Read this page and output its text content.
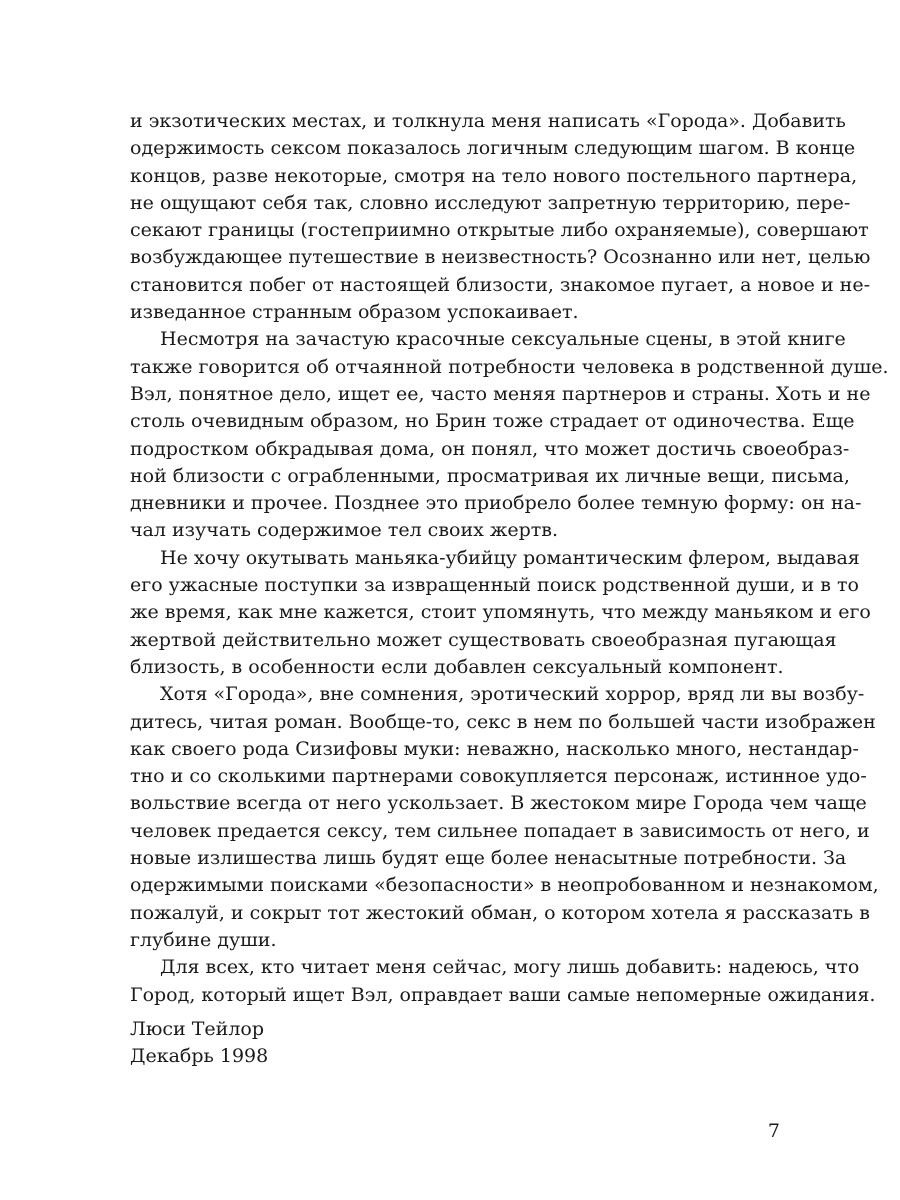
и экзотических местах, и толкнула меня написать «Города». Добавить

одержимость сексом показалось логичным следующим шагом. В конце

концов, разве некоторые, смотря на тело нового постельного партнера,

не ощущают себя так, словно исследуют запретную территорию, пере-

секают границы (гостеприимно открытые либо охраняемые), совершают

возбуждающее путешествие в неизвестность? Осознанно или нет, целью

становится побег от настоящей близости, знакомое пугает, а новое и не-

изведанное странным образом успокаивает.

Несмотря на зачастую красочные сексуальные сцены, в этой книге

также говорится об отчаянной потребности человека в родственной душе.

Вэл, понятное дело, ищет ее, часто меняя партнеров и страны. Хоть и не

столь очевидным образом, но Брин тоже страдает от одиночества. Еще

подростком обкрадывая дома, он понял, что может достичь своеобраз-

ной близости с ограбленными, просматривая их личные вещи, письма,

дневники и прочее. Позднее это приобрело более темную форму: он на-

чал изучать содержимое тел своих жертв.

Не хочу окутывать маньяка-убийцу романтическим флером, выдавая

его ужасные поступки за извращенный поиск родственной души, и в то

же время, как мне кажется, стоит упомянуть, что между маньяком и его

жертвой действительно может существовать своеобразная пугающая

близость, в особенности если добавлен сексуальный компонент.

Хотя «Города», вне сомнения, эротический хоррор, вряд ли вы возбу-

дитесь, читая роман. Вообще-то, секс в нем по большей части изображен

как своего рода Сизифовы муки: неважно, насколько много, нестандар-

тно и со сколькими партнерами совокупляется персонаж, истинное удо-

вольствие всегда от него ускользает. В жестоком мире Города чем чаще

человек предается сексу, тем сильнее попадает в зависимость от него, и

новые излишества лишь будят еще более ненасытные потребности. За

одержимыми поисками «безопасности» в неопробованном и незнакомом,

пожалуй, и сокрыт тот жестокий обман, о котором хотела я рассказать в

глубине души.

Для всех, кто читает меня сейчас, могу лишь добавить: надеюсь, что

Город, который ищет Вэл, оправдает ваши самые непомерные ожидания.

Люси Тейлор
Декабрь 1998
7
